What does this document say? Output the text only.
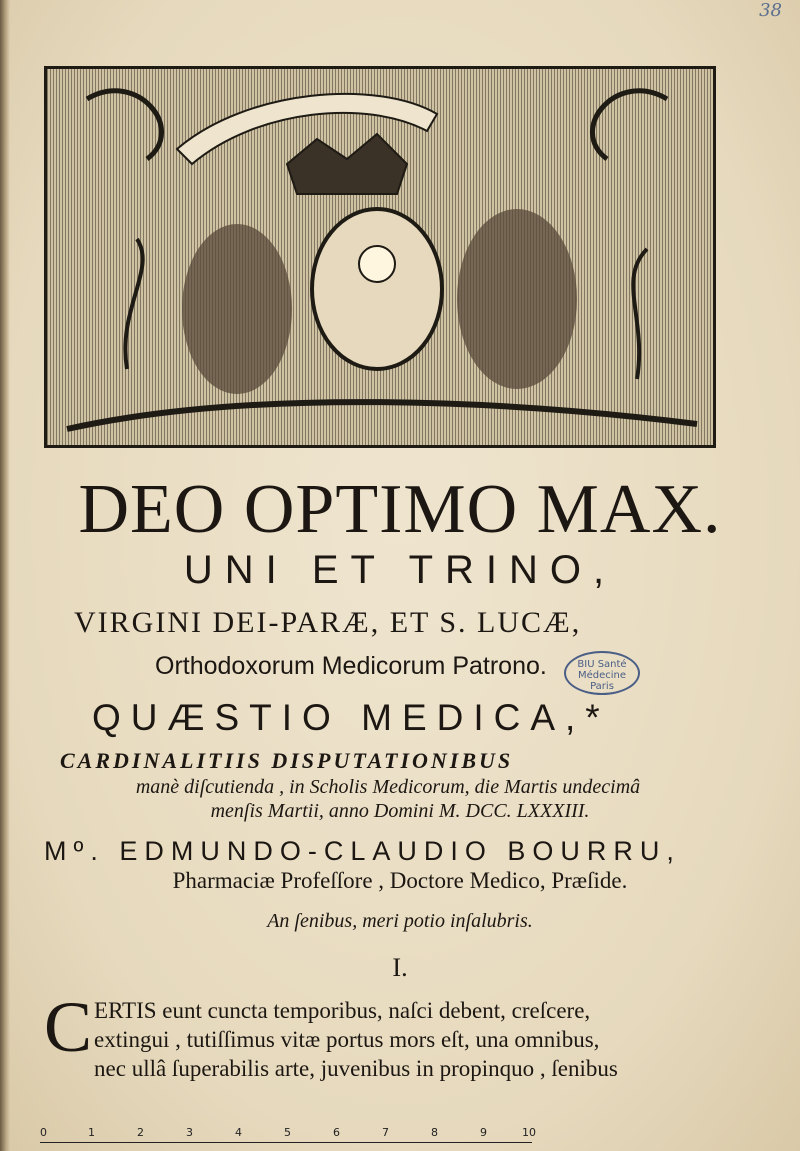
38
DEO OPTIMO MAX.
UNI ET TRINO,
VIRGINI DEI-PARÆ, ET S. LUCÆ,
Orthodoxorum Medicorum Patrono.	BIU Santé
Médecine
Paris
QUÆSTIO MEDICA,*
CARDINALITIIS DISPUTATIONIBUS
manè diſcutienda , in Scholis Medicorum, die Martis undecimâ
menſis Martii, anno Domini M. DCC. LXXXIII.
Mº. EDMUNDO-CLAUDIO BOURRU,
Pharmaciæ Profeſſore , Doctore Medico, Præſide.
An ſenibus, meri potio inſalubris.
I.
C ERTIS eunt cuncta temporibus, naſci debent, creſcere,
extingui , tutiſſimus vitæ portus mors eſt, una omnibus,
nec ullâ ſuperabilis arte, juvenibus in propinquo , ſenibus
0	1	2	3	4	5	6	7	8	9	10
